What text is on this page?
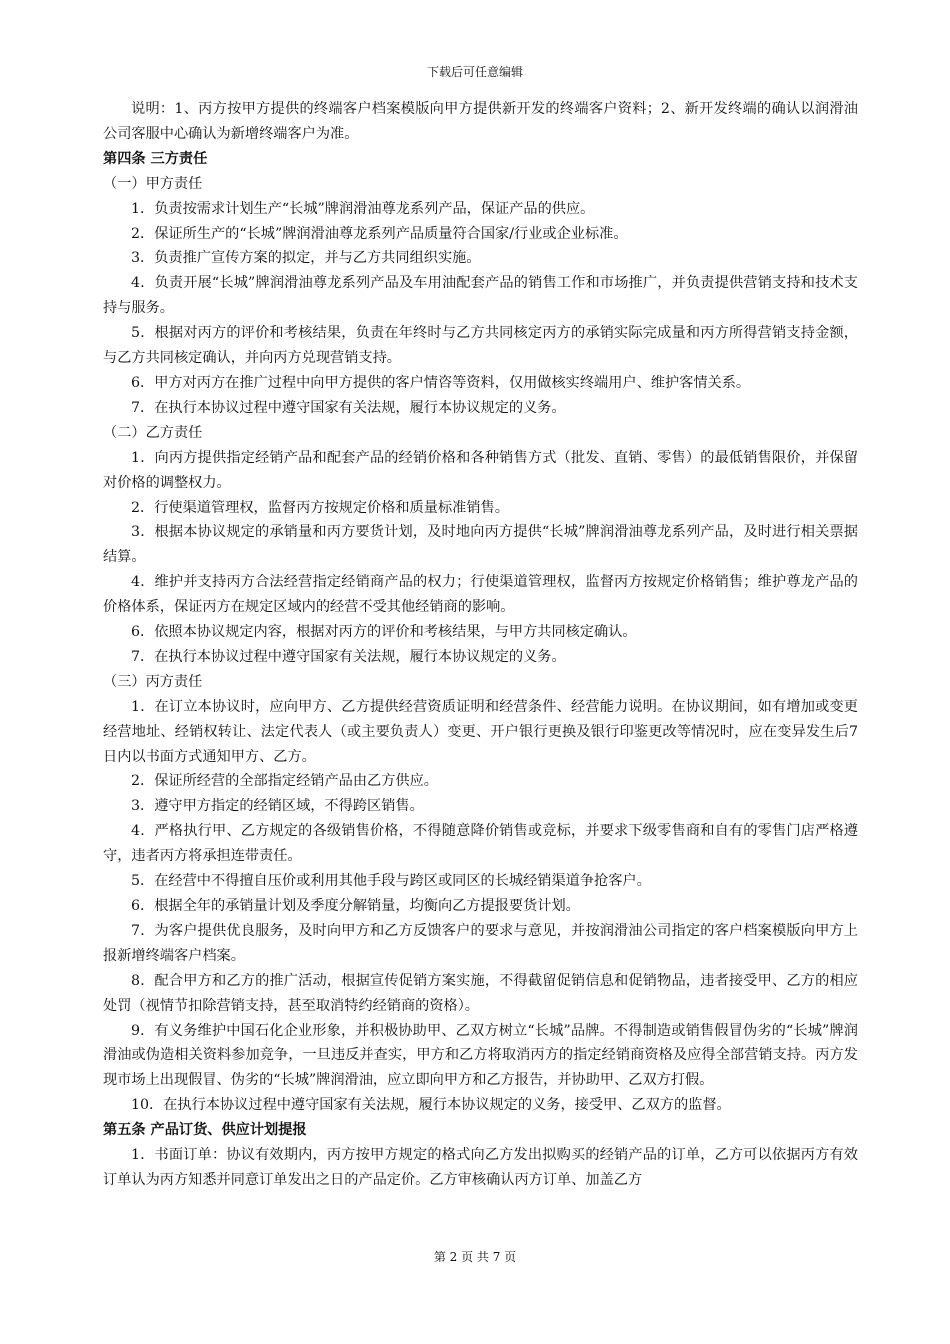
下载后可任意编辑

说明：1、丙方按甲方提供的终端客户档案模版向甲方提供新开发的终端客户资料；2、新开发终端的确认以润滑油公司客服中心确认为新增终端客户为准。

第四条 三方责任

（一）甲方责任

1．负责按需求计划生产“长城”牌润滑油尊龙系列产品，保证产品的供应。

2．保证所生产的“长城”牌润滑油尊龙系列产品质量符合国家/行业或企业标准。

3．负责推广宣传方案的拟定，并与乙方共同组织实施。

4．负责开展“长城”牌润滑油尊龙系列产品及车用油配套产品的销售工作和市场推广，并负责提供营销支持和技术支持与服务。

5．根据对丙方的评价和考核结果，负责在年终时与乙方共同核定丙方的承销实际完成量和丙方所得营销支持金额，与乙方共同核定确认，并向丙方兑现营销支持。

6．甲方对丙方在推广过程中向甲方提供的客户情咨等资料，仅用做核实终端用户、维护客情关系。

7．在执行本协议过程中遵守国家有关法规，履行本协议规定的义务。

（二）乙方责任

1．向丙方提供指定经销产品和配套产品的经销价格和各种销售方式（批发、直销、零售）的最低销售限价，并保留对价格的调整权力。

2．行使渠道管理权，监督丙方按规定价格和质量标准销售。

3．根据本协议规定的承销量和丙方要货计划，及时地向丙方提供“长城”牌润滑油尊龙系列产品，及时进行相关票据结算。

4．维护并支持丙方合法经营指定经销商产品的权力；行使渠道管理权，监督丙方按规定价格销售；维护尊龙产品的价格体系，保证丙方在规定区域内的经营不受其他经销商的影响。

6．依照本协议规定内容，根据对丙方的评价和考核结果，与甲方共同核定确认。

7．在执行本协议过程中遵守国家有关法规，履行本协议规定的义务。

（三）丙方责任

1．在订立本协议时，应向甲方、乙方提供经营资质证明和经营条件、经营能力说明。在协议期间，如有增加或变更经营地址、经销权转让、法定代表人（或主要负责人）变更、开户银行更换及银行印鉴更改等情况时，应在变异发生后7日内以书面方式通知甲方、乙方。

2．保证所经营的全部指定经销产品由乙方供应。

3．遵守甲方指定的经销区域，不得跨区销售。

4．严格执行甲、乙方规定的各级销售价格，不得随意降价销售或竞标，并要求下级零售商和自有的零售门店严格遵守，违者丙方将承担连带责任。

5．在经营中不得擅自压价或利用其他手段与跨区或同区的长城经销渠道争抢客户。

6．根据全年的承销量计划及季度分解销量，均衡向乙方提报要货计划。

7．为客户提供优良服务，及时向甲方和乙方反馈客户的要求与意见，并按润滑油公司指定的客户档案模版向甲方上报新增终端客户档案。

8．配合甲方和乙方的推广活动，根据宣传促销方案实施，不得截留促销信息和促销物品，违者接受甲、乙方的相应处罚（视情节扣除营销支持，甚至取消特约经销商的资格）。

9．有义务维护中国石化企业形象，并积极协助甲、乙双方树立“长城”品牌。不得制造或销售假冒伪劣的“长城”牌润滑油或伪造相关资料参加竞争，一旦违反并查实，甲方和乙方将取消丙方的指定经销商资格及应得全部营销支持。丙方发现市场上出现假冒、伪劣的“长城”牌润滑油，应立即向甲方和乙方报告，并协助甲、乙双方打假。

10．在执行本协议过程中遵守国家有关法规，履行本协议规定的义务，接受甲、乙双方的监督。

第五条 产品订货、供应计划提报

1．书面订单：协议有效期内，丙方按甲方规定的格式向乙方发出拟购买的经销产品的订单，乙方可以依据丙方有效订单认为丙方知悉并同意订单发出之日的产品定价。乙方审核确认丙方订单、加盖乙方

第 2 页 共 7 页
